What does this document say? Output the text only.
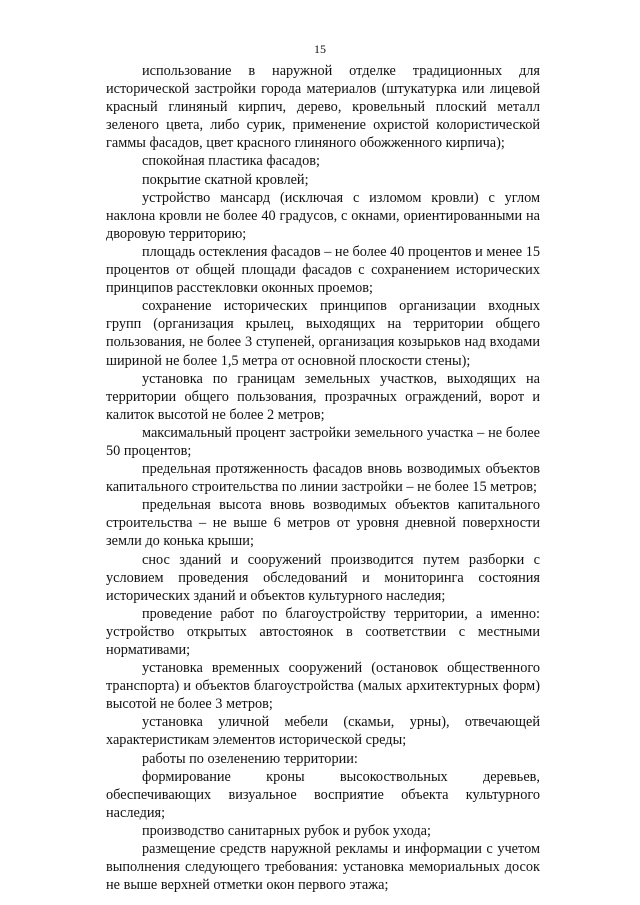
15

использование в наружной отделке традиционных для исторической застройки города материалов (штукатурка или лицевой красный глиняный кирпич, дерево, кровельный плоский металл зеленого цвета, либо сурик, применение охристой колористической гаммы фасадов, цвет красного глиняного обожженного кирпича);

спокойная пластика фасадов;

покрытие скатной кровлей;

устройство мансард (исключая с изломом кровли) с углом наклона кровли не более 40 градусов, с окнами, ориентированными на дворовую территорию;

площадь остекления фасадов – не более 40 процентов и менее 15 процентов от общей площади фасадов с сохранением исторических принципов расстекловки оконных проемов;

сохранение исторических принципов организации входных групп (организация крылец, выходящих на территории общего пользования, не более 3 ступеней, организация козырьков над входами шириной не более 1,5 метра от основной плоскости стены);

установка по границам земельных участков, выходящих на территории общего пользования, прозрачных ограждений, ворот и калиток высотой не более 2 метров;

максимальный процент застройки земельного участка – не более 50 процентов;

предельная протяженность фасадов вновь возводимых объектов капитального строительства по линии застройки – не более 15 метров;

предельная высота вновь возводимых объектов капитального строительства – не выше 6 метров от уровня дневной поверхности земли до конька крыши;

снос зданий и сооружений производится путем разборки с условием проведения обследований и мониторинга состояния исторических зданий и объектов культурного наследия;

проведение работ по благоустройству территории, а именно: устройство открытых автостоянок в соответствии с местными нормативами;

установка временных сооружений (остановок общественного транспорта) и объектов благоустройства (малых архитектурных форм) высотой не более 3 метров;

установка уличной мебели (скамьи, урны), отвечающей характеристикам элементов исторической среды;

работы по озеленению территории:

формирование кроны высокоствольных деревьев, обеспечивающих визуальное восприятие объекта культурного наследия;

производство санитарных рубок и рубок ухода;

размещение средств наружной рекламы и информации с учетом выполнения следующего требования: установка мемориальных досок не выше верхней отметки окон первого этажа;
